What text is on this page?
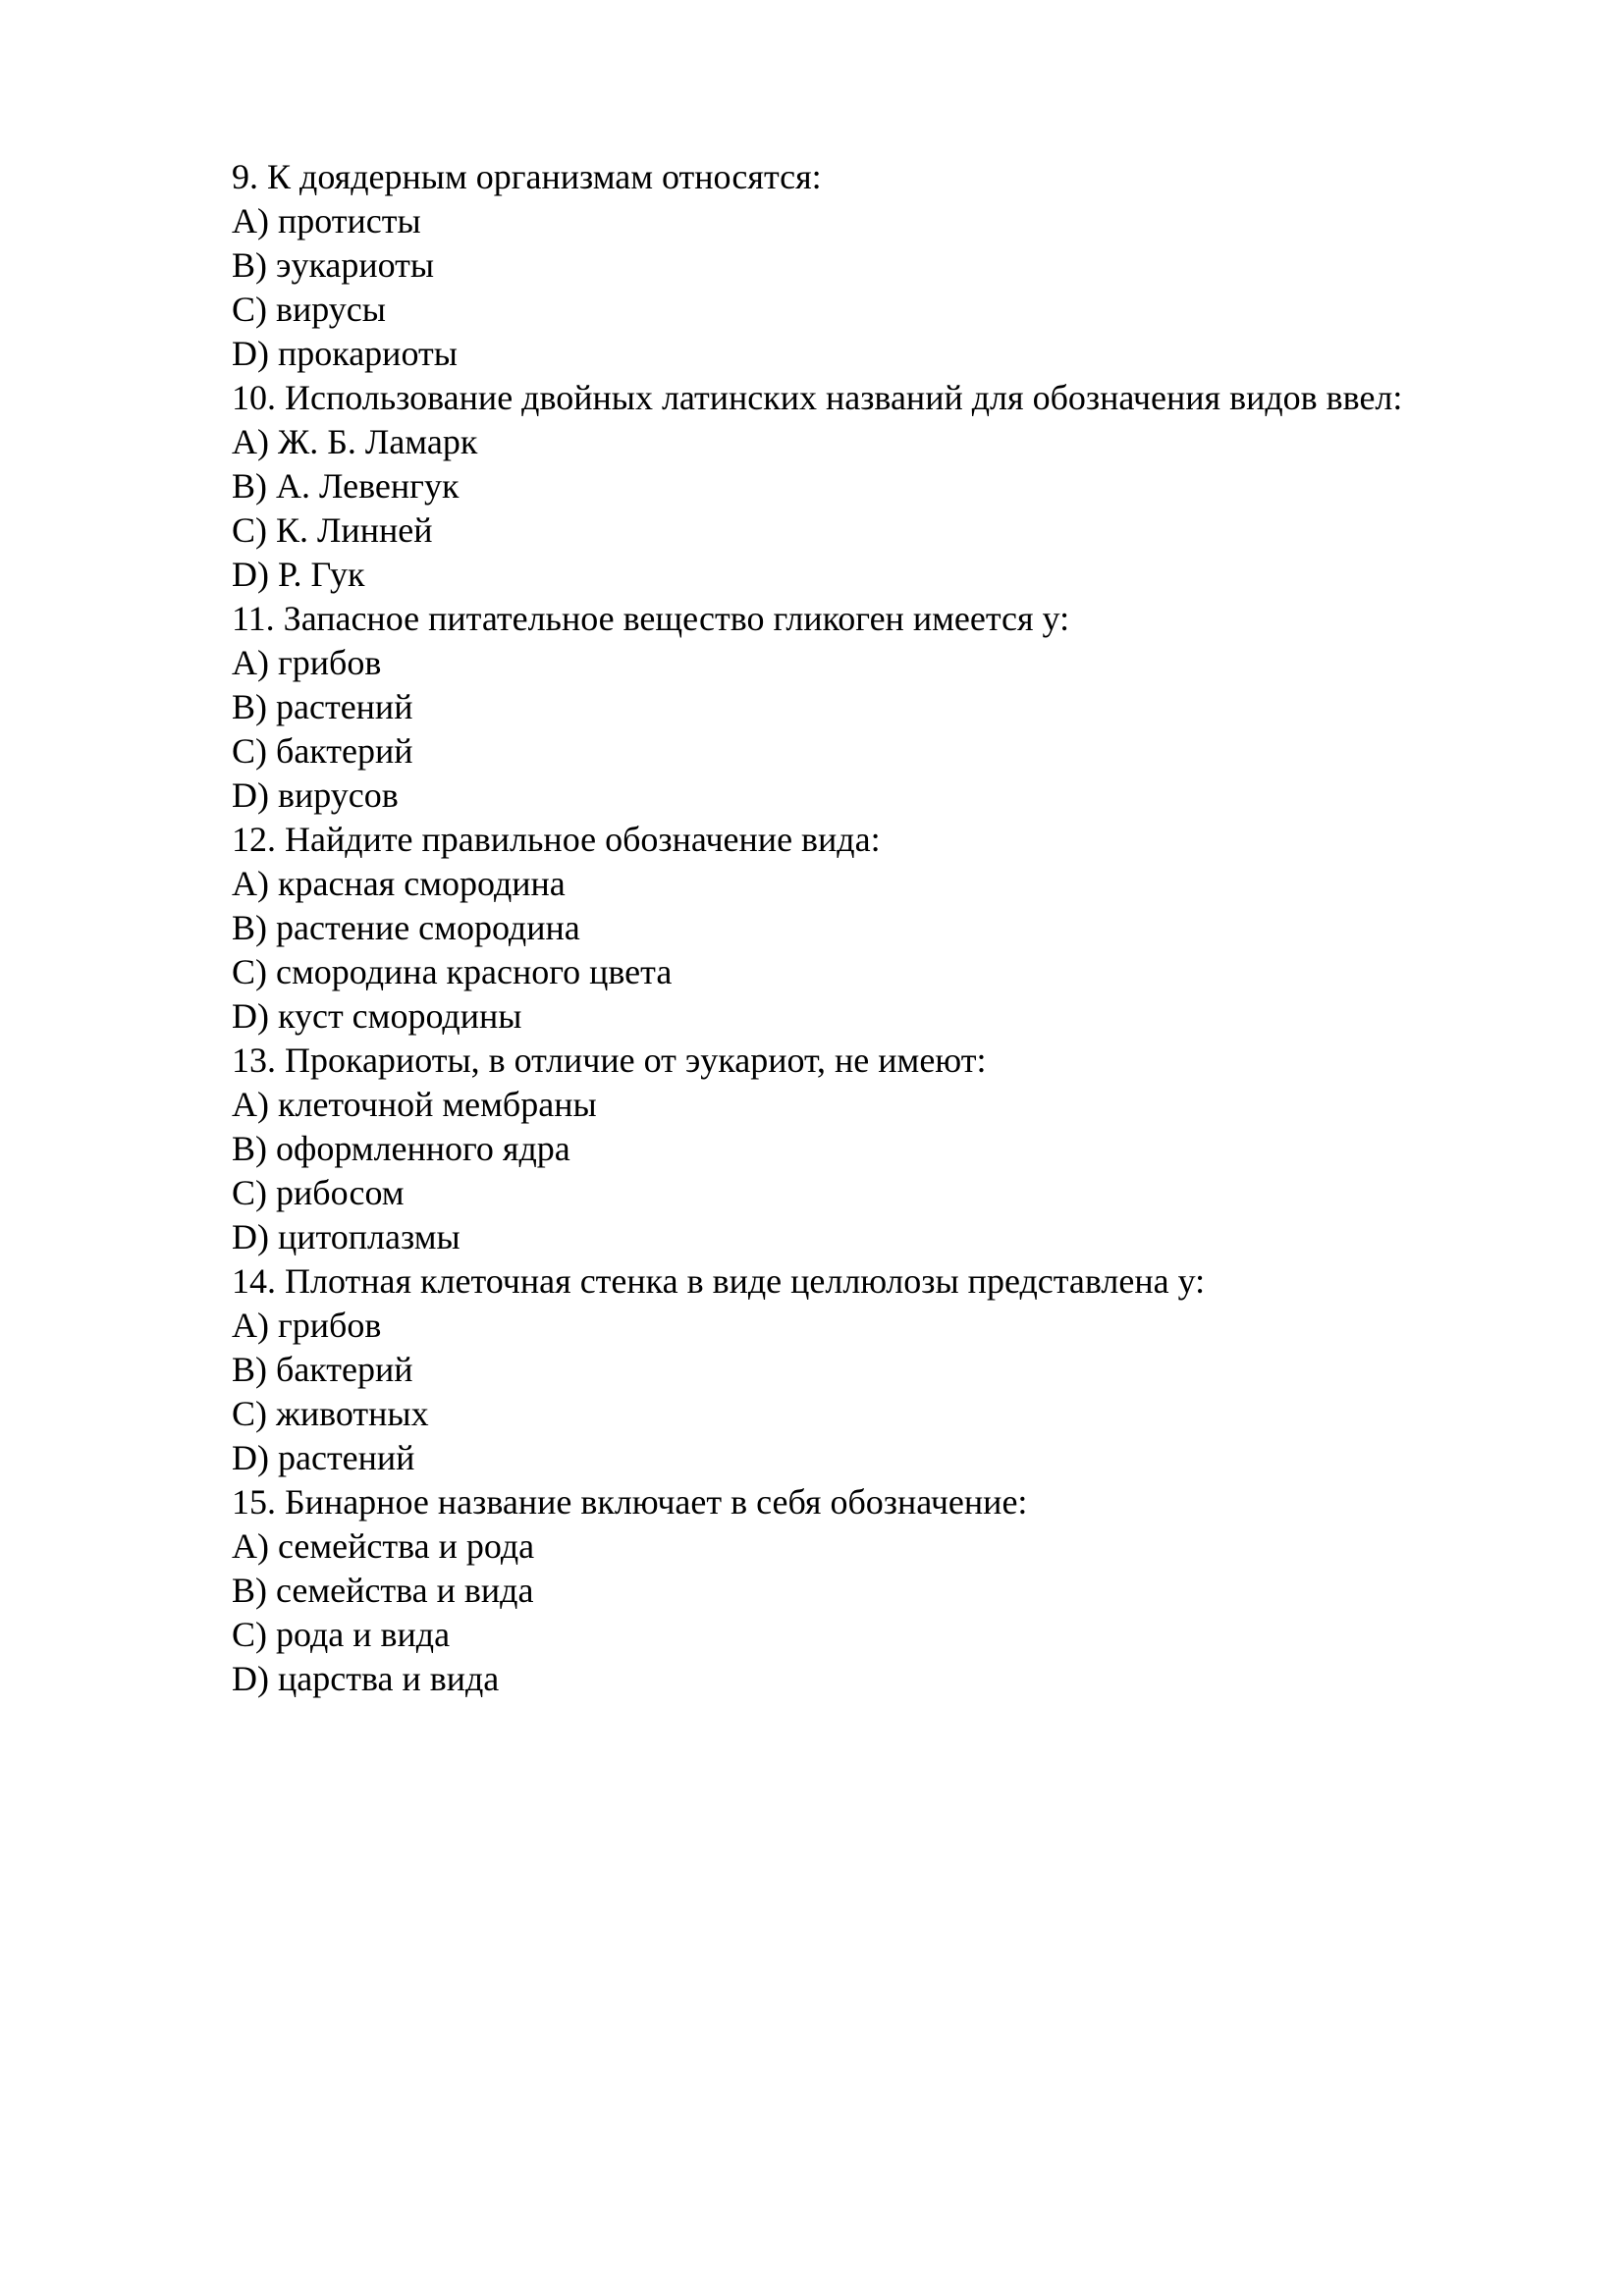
9. К доядерным организмам относятся:
A) протисты
B) эукариоты
C) вирусы
D) прокариоты
10. Использование двойных латинских названий для обозначения видов ввел:
A) Ж. Б. Ламарк
B) А. Левенгук
C) К. Линней
D) Р. Гук
11. Запасное питательное вещество гликоген имеется у:
A) грибов
B) растений
C) бактерий
D) вирусов
12. Найдите правильное обозначение вида:
A) красная смородина
B) растение смородина
C) смородина красного цвета
D) куст смородины
13. Прокариоты, в отличие от эукариот, не имеют:
A) клеточной мембраны
B) оформленного ядра
C) рибосом
D) цитоплазмы
14. Плотная клеточная стенка в виде целлюлозы представлена у:
A) грибов
B) бактерий
C) животных
D) растений
15. Бинарное название включает в себя обозначение:
A) семейства и рода
B) семейства и вида
C) рода и вида
D) царства и вида
